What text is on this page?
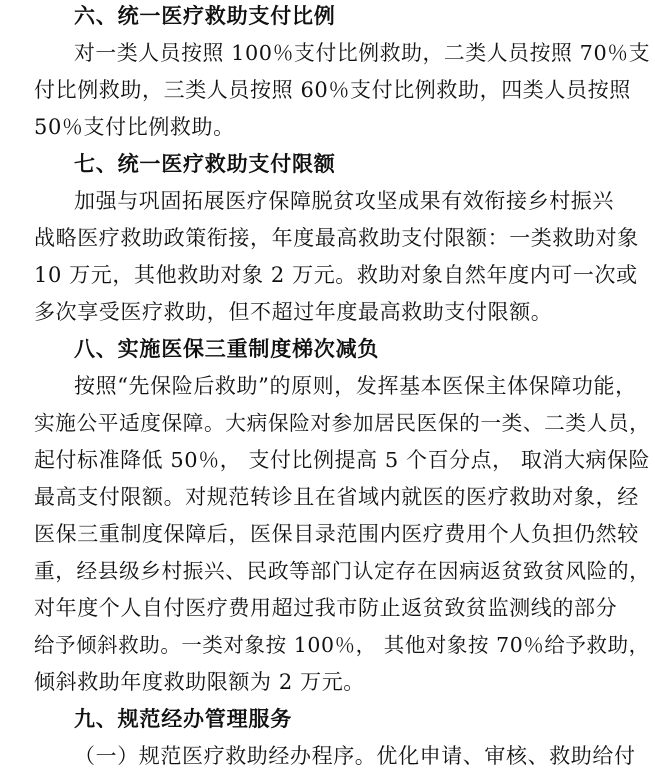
六、统一医疗救助支付比例
对一类人员按照 100％支付比例救助，二类人员按照 70％支
付比例救助，三类人员按照 60％支付比例救助，四类人员按照
50％支付比例救助。
七、统一医疗救助支付限额
加强与巩固拓展医疗保障脱贫攻坚成果有效衔接乡村振兴
战略医疗救助政策衔接，年度最高救助支付限额：一类救助对象
10 万元，其他救助对象 2 万元。救助对象自然年度内可一次或
多次享受医疗救助，但不超过年度最高救助支付限额。
八、实施医保三重制度梯次减负
按照“先保险后救助”的原则，发挥基本医保主体保障功能，
实施公平适度保障。大病保险对参加居民医保的一类、二类人员，
起付标准降低 50％， 支付比例提高 5 个百分点， 取消大病保险
最高支付限额。对规范转诊且在省域内就医的医疗救助对象，经
医保三重制度保障后，医保目录范围内医疗费用个人负担仍然较
重，经县级乡村振兴、民政等部门认定存在因病返贫致贫风险的，
对年度个人自付医疗费用超过我市防止返贫致贫监测线的部分
给予倾斜救助。一类对象按 100％， 其他对象按 70％给予救助，
倾斜救助年度救助限额为 2 万元。
九、规范经办管理服务
（一）规范医疗救助经办程序。优化申请、审核、救助给付
